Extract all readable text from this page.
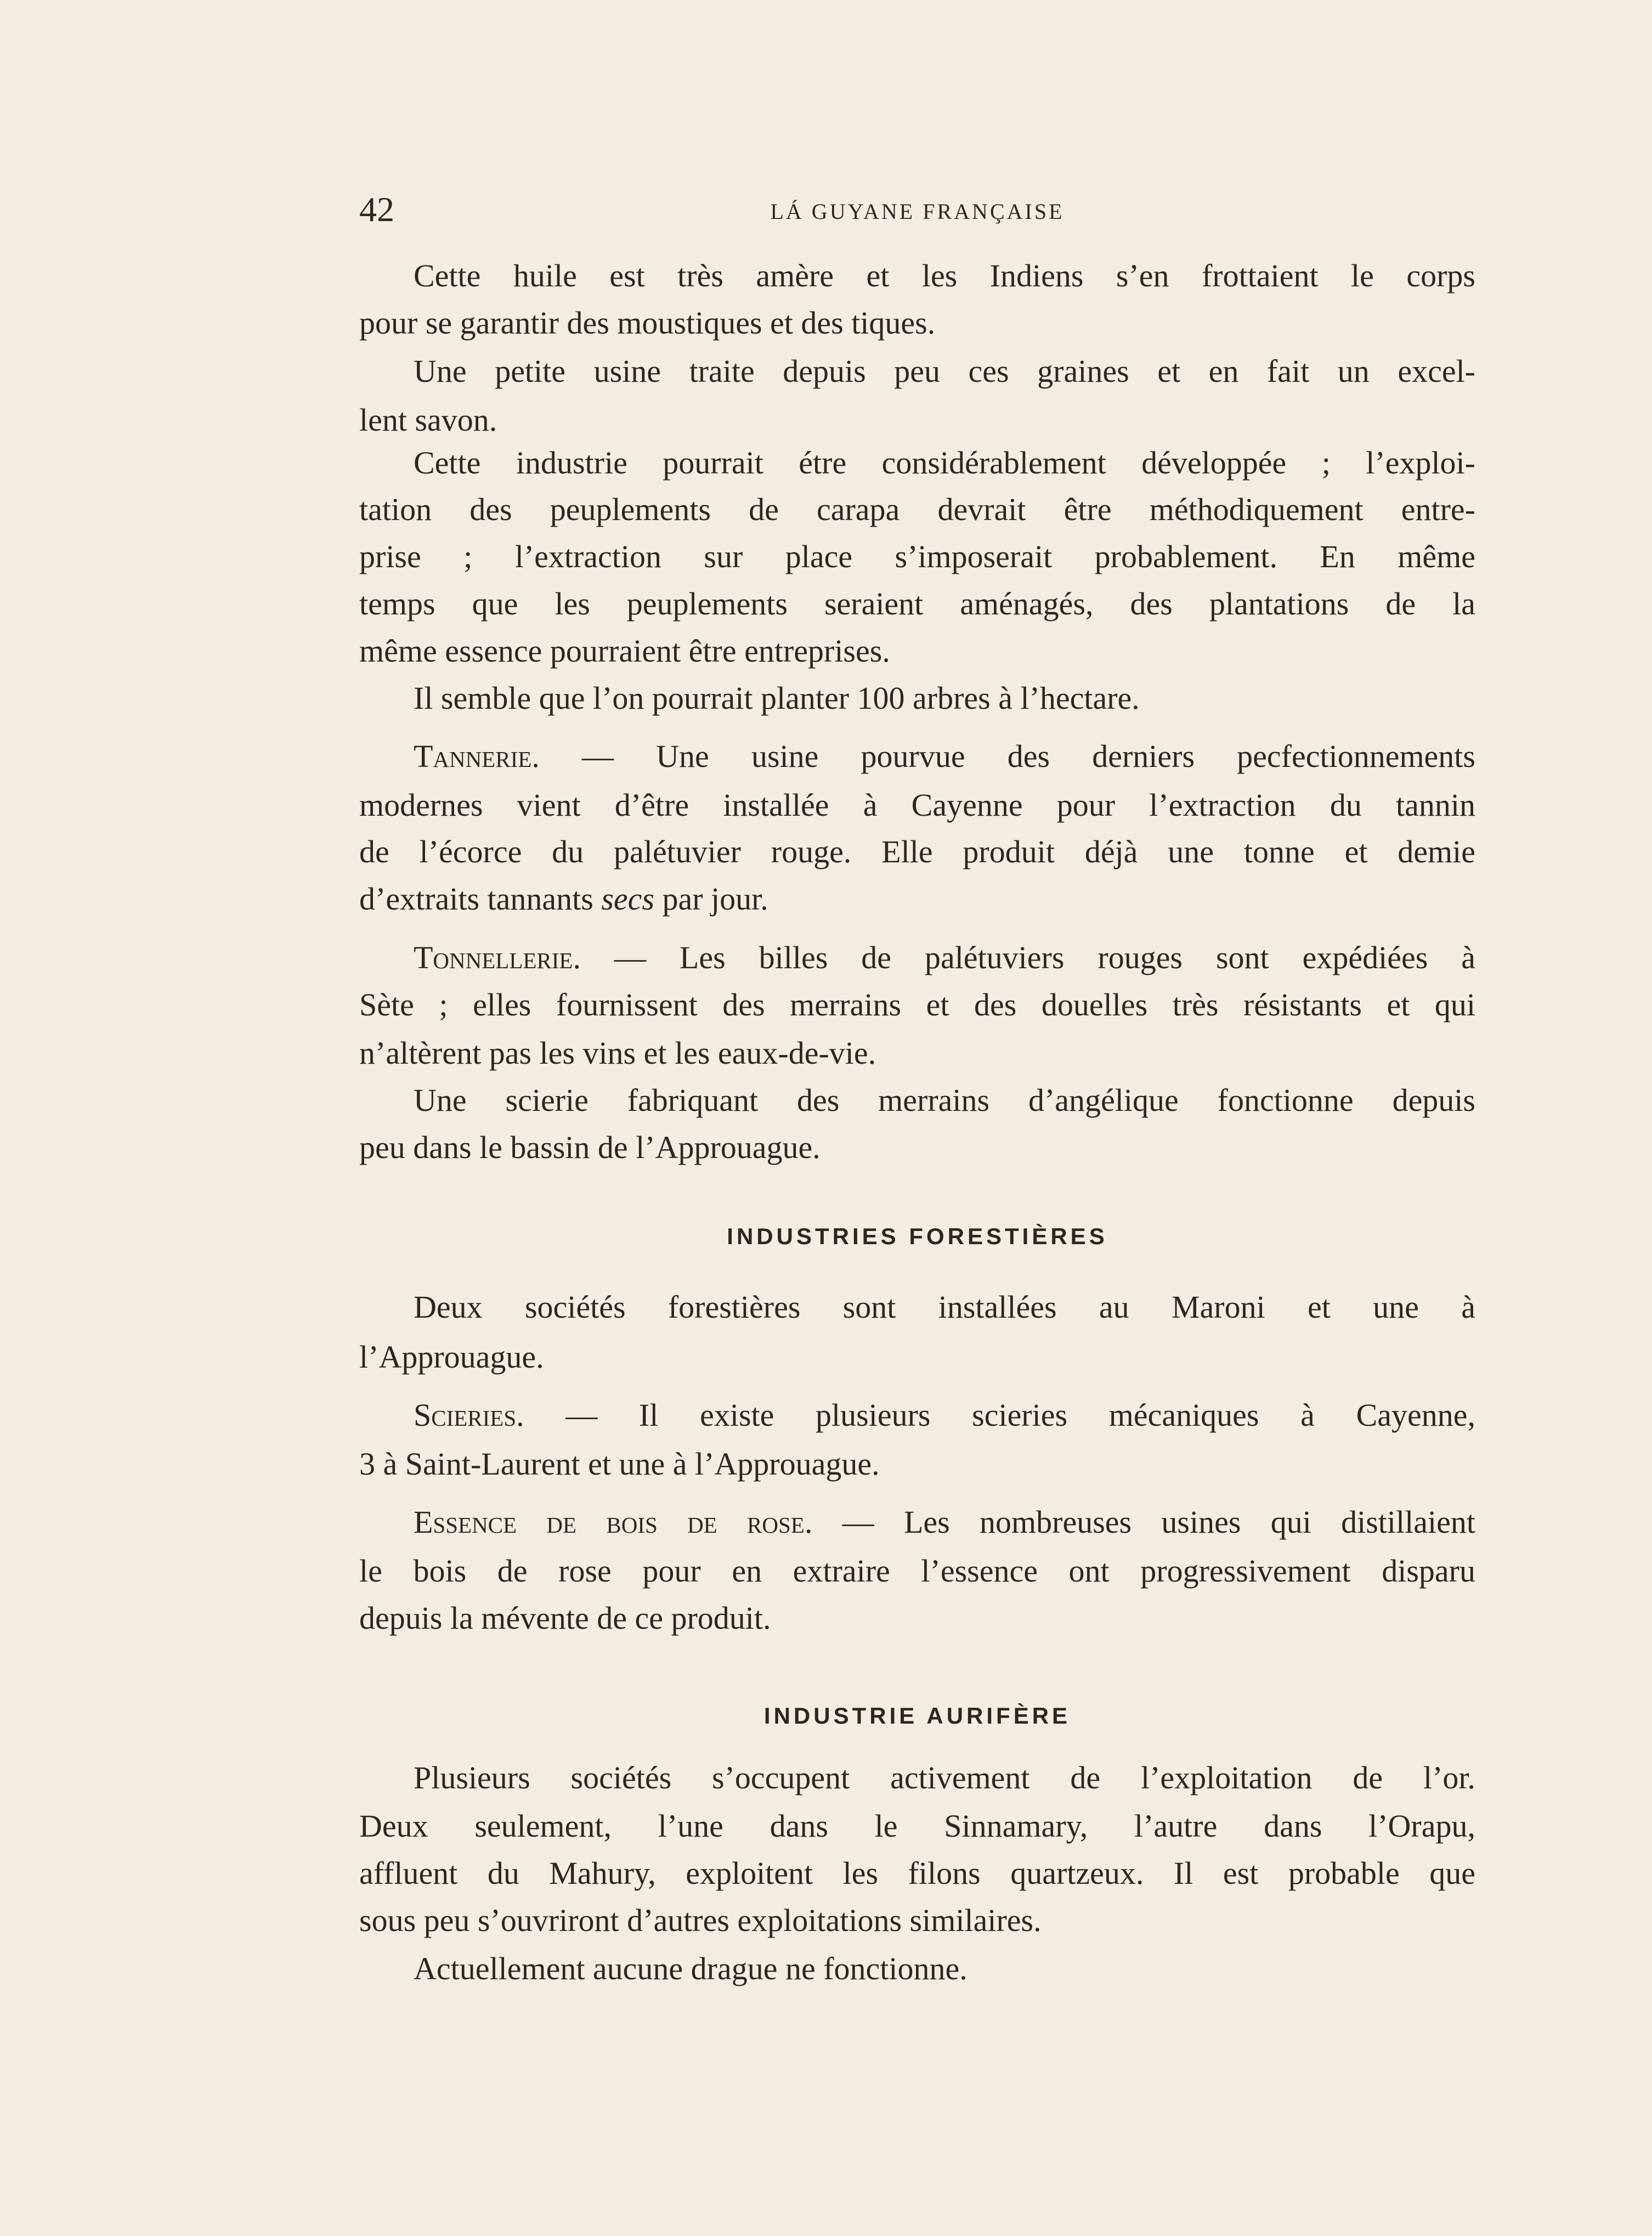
42	LÁ GUYANE FRANÇAISE
Cette huile est très amère et les Indiens s’en frottaient le corps
pour se garantir des moustiques et des tiques.
Une petite usine traite depuis peu ces graines et en fait un excel-
lent savon.
Cette industrie pourrait étre considérablement développée ; l’exploi-
tation des peuplements de carapa devrait être méthodiquement entre-
prise ; l’extraction sur place s’imposerait probablement. En même
temps que les peuplements seraient aménagés, des plantations de la
même essence pourraient être entreprises.
Il semble que l’on pourrait planter 100 arbres à l’hectare.
Tannerie. — Une usine pourvue des derniers pecfectionnements
modernes vient d’être installée à Cayenne pour l’extraction du tannin
de l’écorce du palétuvier rouge. Elle produit déjà une tonne et demie
d’extraits tannants secs par jour.
Tonnellerie. — Les billes de palétuviers rouges sont expédiées à
Sète ; elles fournissent des merrains et des douelles très résistants et qui
n’altèrent pas les vins et les eaux-de-vie.
Une scierie fabriquant des merrains d’angélique fonctionne depuis
peu dans le bassin de l’Approuague.
INDUSTRIES FORESTIÈRES
Deux sociétés forestières sont installées au Maroni et une à
l’Approuague.
Scieries. — Il existe plusieurs scieries mécaniques à Cayenne,
3 à Saint-Laurent et une à l’Approuague.
Essence de bois de rose. — Les nombreuses usines qui distillaient
le bois de rose pour en extraire l’essence ont progressivement disparu
depuis la mévente de ce produit.
INDUSTRIE AURIFÈRE
Plusieurs sociétés s’occupent activement de l’exploitation de l’or.
Deux seulement, l’une dans le Sinnamary, l’autre dans l’Orapu,
affluent du Mahury, exploitent les filons quartzeux. Il est probable que
sous peu s’ouvriront d’autres exploitations similaires.
Actuellement aucune drague ne fonctionne.
